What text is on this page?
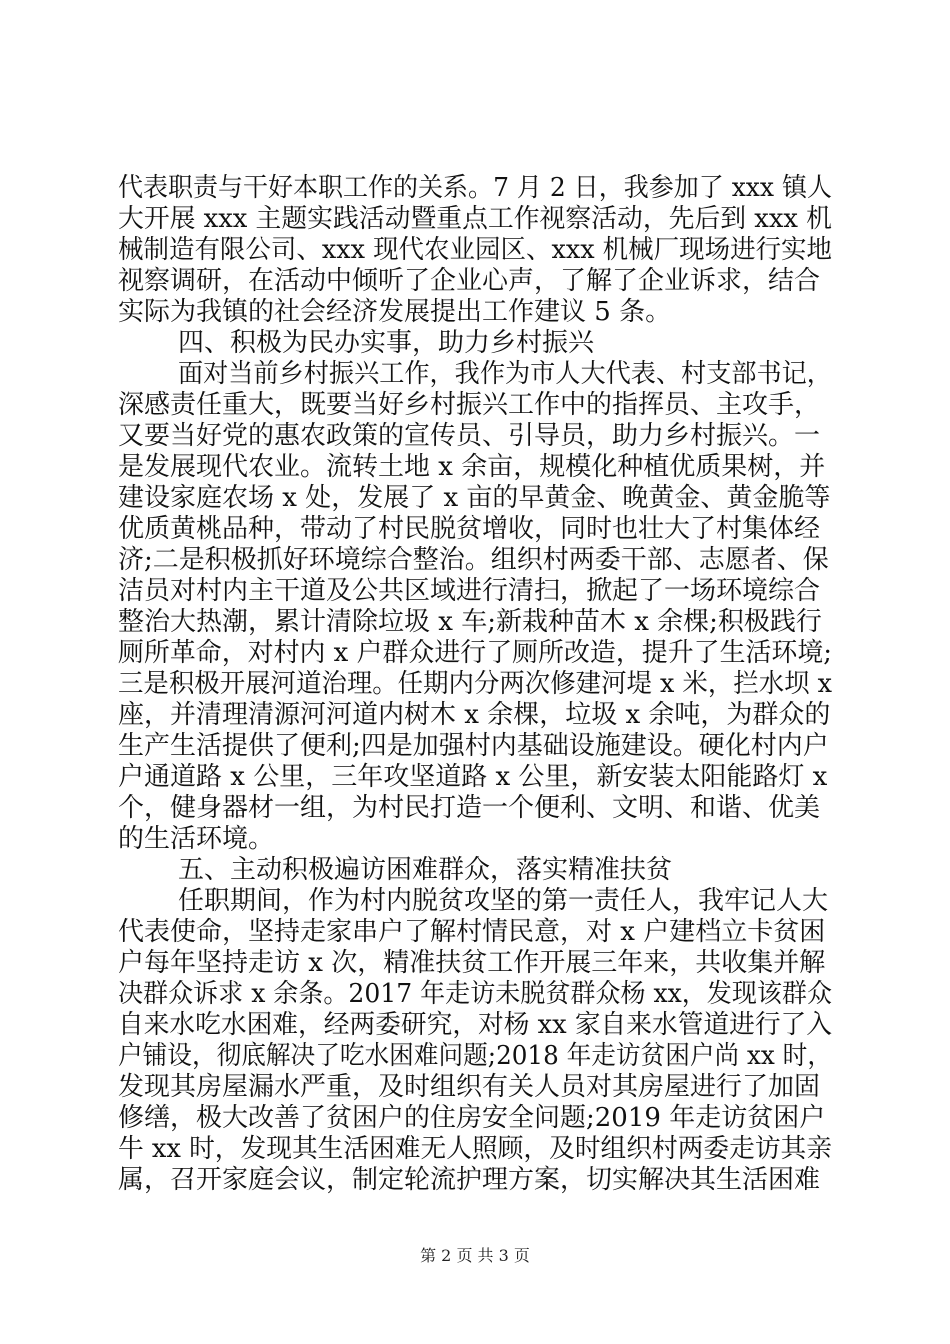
代表职责与干好本职工作的关系。7 月 2 日，我参加了 xxx 镇人
大开展 xxx 主题实践活动暨重点工作视察活动，先后到 xxx 机
械制造有限公司、xxx 现代农业园区、xxx 机械厂现场进行实地
视察调研，在活动中倾听了企业心声，了解了企业诉求，结合
实际为我镇的社会经济发展提出工作建议 5 条。
四、积极为民办实事，助力乡村振兴
面对当前乡村振兴工作，我作为市人大代表、村支部书记，
深感责任重大，既要当好乡村振兴工作中的指挥员、主攻手，
又要当好党的惠农政策的宣传员、引导员，助力乡村振兴。一
是发展现代农业。流转土地 x 余亩，规模化种植优质果树，并
建设家庭农场 x 处，发展了 x 亩的早黄金、晚黄金、黄金脆等
优质黄桃品种，带动了村民脱贫增收，同时也壮大了村集体经
济;二是积极抓好环境综合整治。组织村两委干部、志愿者、保
洁员对村内主干道及公共区域进行清扫，掀起了一场环境综合
整治大热潮，累计清除垃圾 x 车;新栽种苗木 x 余棵;积极践行
厕所革命，对村内 x 户群众进行了厕所改造，提升了生活环境;
三是积极开展河道治理。任期内分两次修建河堤 x 米，拦水坝 x
座，并清理清源河河道内树木 x 余棵，垃圾 x 余吨，为群众的
生产生活提供了便利;四是加强村内基础设施建设。硬化村内户
户通道路 x 公里，三年攻坚道路 x 公里，新安装太阳能路灯 x
个，健身器材一组，为村民打造一个便利、文明、和谐、优美
的生活环境。
五、主动积极遍访困难群众，落实精准扶贫
任职期间，作为村内脱贫攻坚的第一责任人，我牢记人大
代表使命，坚持走家串户了解村情民意，对 x 户建档立卡贫困
户每年坚持走访 x 次，精准扶贫工作开展三年来，共收集并解
决群众诉求 x 余条。2017 年走访未脱贫群众杨 xx，发现该群众
自来水吃水困难，经两委研究，对杨 xx 家自来水管道进行了入
户铺设，彻底解决了吃水困难问题;2018 年走访贫困户尚 xx 时，
发现其房屋漏水严重，及时组织有关人员对其房屋进行了加固
修缮，极大改善了贫困户的住房安全问题;2019 年走访贫困户
牛 xx 时，发现其生活困难无人照顾，及时组织村两委走访其亲
属，召开家庭会议，制定轮流护理方案，切实解决其生活困难
第 2 页 共 3 页
